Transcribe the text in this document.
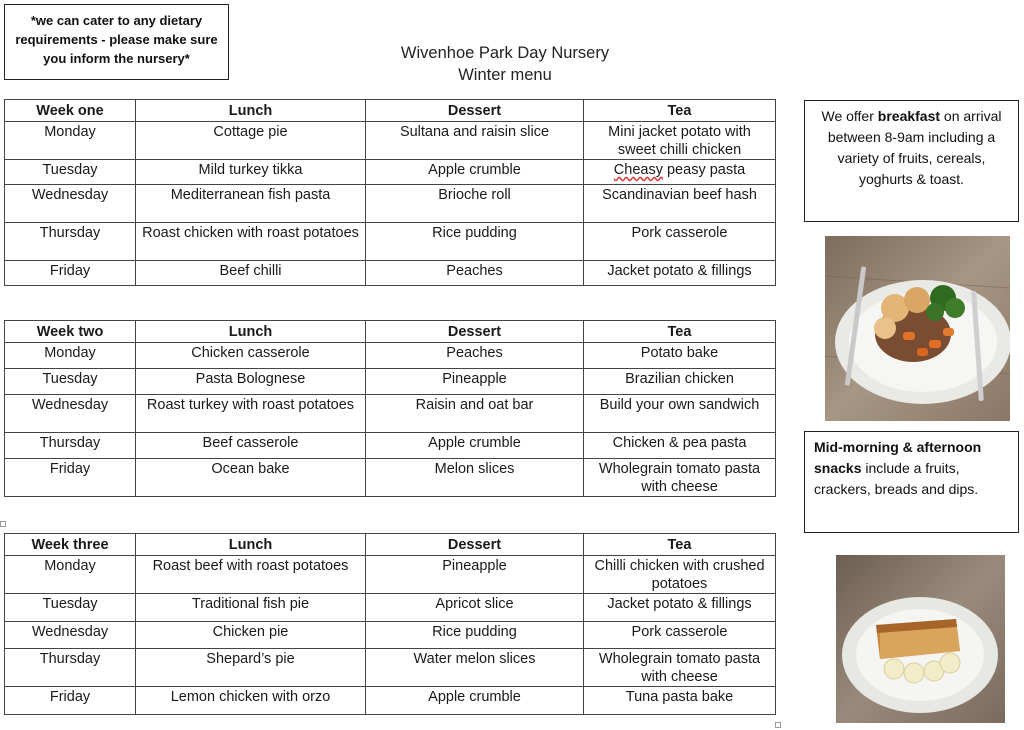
*we can cater to any dietary requirements - please make sure you inform the nursery*	Wivenhoe Park Day Nursery
Winter menu
Week one	Lunch	Dessert	Tea
Monday	Cottage pie	Sultana and raisin slice	Mini jacket potato with sweet chilli chicken
Tuesday	Mild turkey tikka	Apple crumble	Cheasy peasy pasta
Wednesday	Mediterranean fish pasta	Brioche roll	Scandinavian beef hash
Thursday	Roast chicken with roast potatoes	Rice pudding	Pork casserole
Friday	Beef chilli	Peaches	Jacket potato & fillings
Week two	Lunch	Dessert	Tea
Monday	Chicken casserole	Peaches	Potato bake
Tuesday	Pasta Bolognese	Pineapple	Brazilian chicken
Wednesday	Roast turkey with roast potatoes	Raisin and oat bar	Build your own sandwich
Thursday	Beef casserole	Apple crumble	Chicken & pea pasta
Friday	Ocean bake	Melon slices	Wholegrain tomato pasta with cheese
Week three	Lunch	Dessert	Tea
Monday	Roast beef with roast potatoes	Pineapple	Chilli chicken with crushed potatoes
Tuesday	Traditional fish pie	Apricot slice	Jacket potato & fillings
Wednesday	Chicken pie	Rice pudding	Pork casserole
Thursday	Shepard’s pie	Water melon slices	Wholegrain tomato pasta with cheese
Friday	Lemon chicken with orzo	Apple crumble	Tuna pasta bake
We offer breakfast on arrival between 8-9am including a variety of fruits, cereals, yoghurts & toast.
Mid-morning & afternoon snacks include a fruits, crackers, breads and dips.
